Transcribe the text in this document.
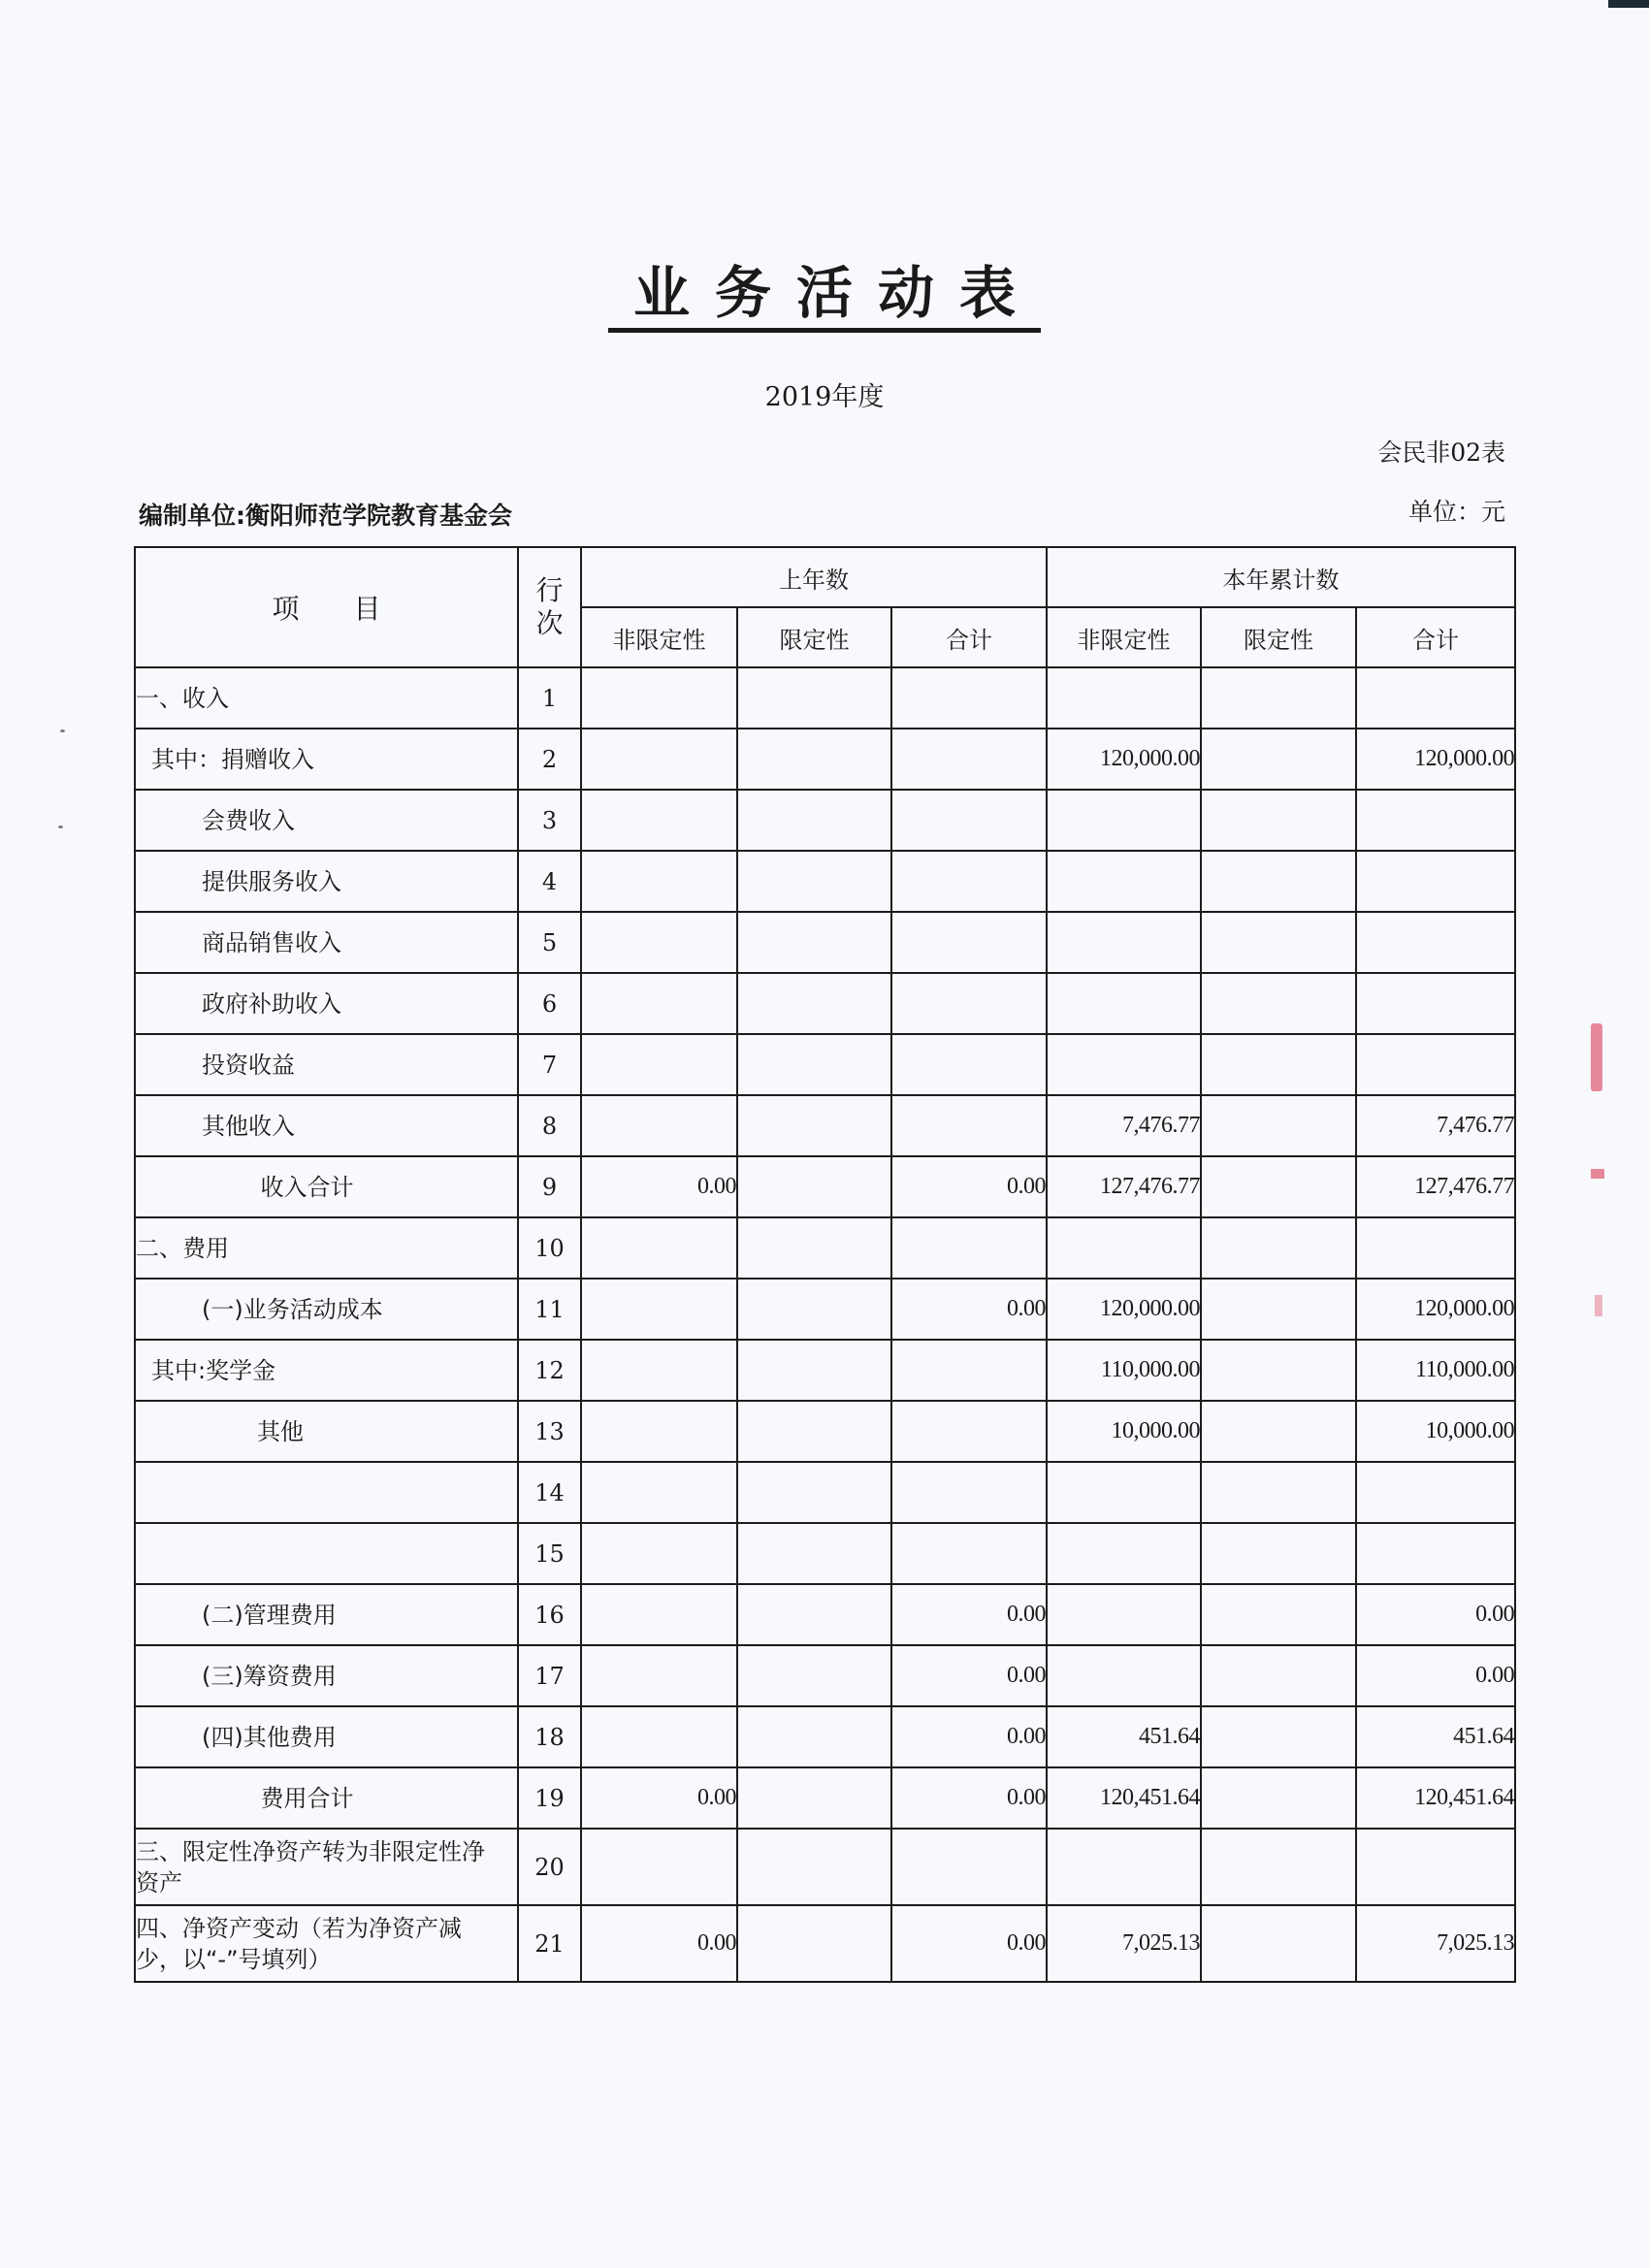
业务活动表
2019年度
会民非02表
编制单位:衡阳师范学院教育基金会	单位：元
项　　目	行次	上年数			本年累计数		
		非限定性	限定性	合计	非限定性	限定性	合计
一、收入	1						
其中：捐赠收入	2				120,000.00		120,000.00
会费收入	3						
提供服务收入	4						
商品销售收入	5						
政府补助收入	6						
投资收益	7						
其他收入	8				7,476.77		7,476.77
收入合计	9	0.00		0.00	127,476.77		127,476.77
二、费用	10						
(一)业务活动成本	11			0.00	120,000.00		120,000.00
其中:奖学金	12				110,000.00		110,000.00
其他	13				10,000.00		10,000.00
	14						
	15						
(二)管理费用	16			0.00			0.00
(三)筹资费用	17			0.00			0.00
(四)其他费用	18			0.00	451.64		451.64
费用合计	19	0.00		0.00	120,451.64		120,451.64
三、限定性净资产转为非限定性净资产	20						
四、净资产变动（若为净资产减少，以“-”号填列）	21	0.00		0.00	7,025.13		7,025.13
